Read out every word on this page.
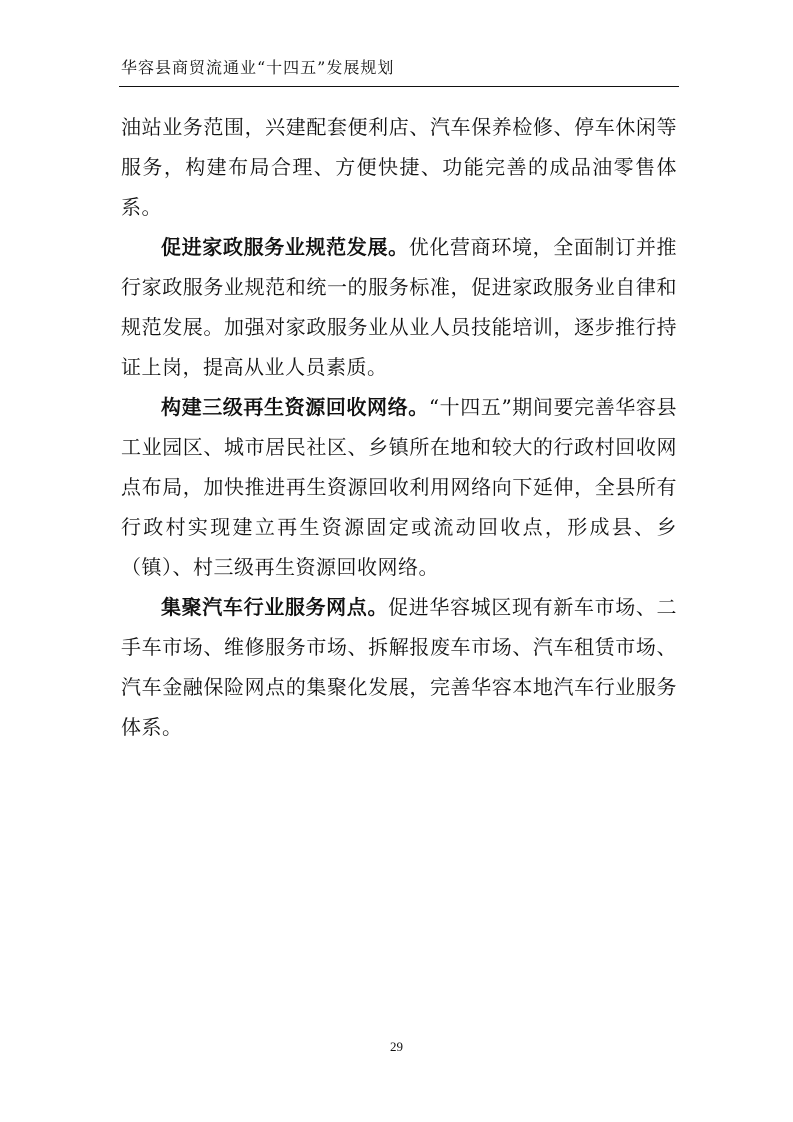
华容县商贸流通业“十四五”发展规划

油站业务范围，兴建配套便利店、汽车保养检修、停车休闲等服务，构建布局合理、方便快捷、功能完善的成品油零售体系。

促进家政服务业规范发展。优化营商环境，全面制订并推行家政服务业规范和统一的服务标准，促进家政服务业自律和规范发展。加强对家政服务业从业人员技能培训，逐步推行持证上岗，提高从业人员素质。

构建三级再生资源回收网络。“十四五”期间要完善华容县工业园区、城市居民社区、乡镇所在地和较大的行政村回收网点布局，加快推进再生资源回收利用网络向下延伸，全县所有行政村实现建立再生资源固定或流动回收点，形成县、乡（镇）、村三级再生资源回收网络。

集聚汽车行业服务网点。促进华容城区现有新车市场、二手车市场、维修服务市场、拆解报废车市场、汽车租赁市场、汽车金融保险网点的集聚化发展，完善华容本地汽车行业服务体系。

29
